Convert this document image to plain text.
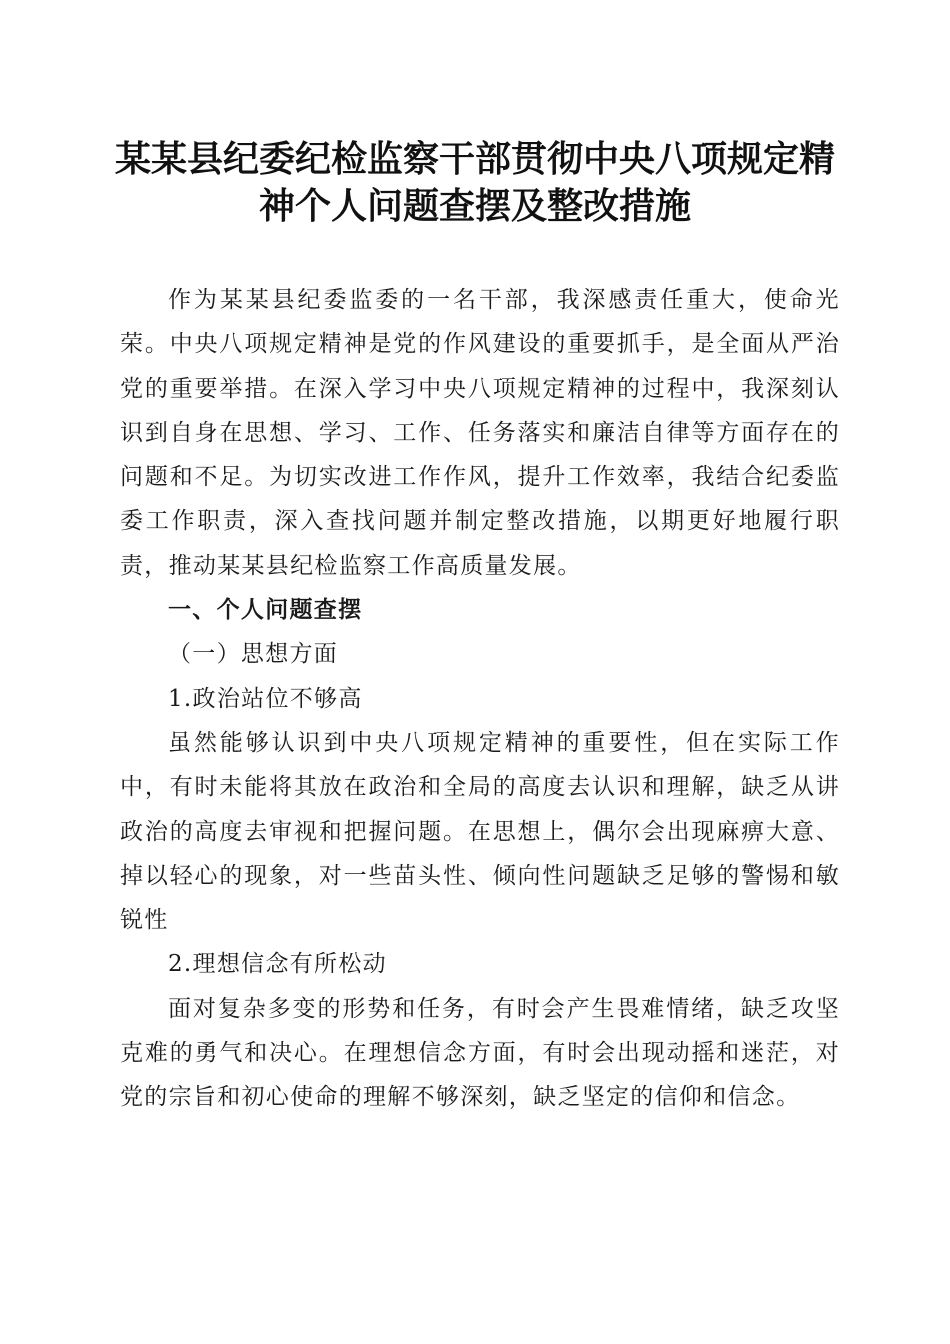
某某县纪委纪检监察干部贯彻中央八项规定精
神个人问题查摆及整改措施

作为某某县纪委监委的一名干部，我深感责任重大，使命光荣。中央八项规定精神是党的作风建设的重要抓手，是全面从严治党的重要举措。在深入学习中央八项规定精神的过程中，我深刻认识到自身在思想、学习、工作、任务落实和廉洁自律等方面存在的问题和不足。为切实改进工作作风，提升工作效率，我结合纪委监委工作职责，深入查找问题并制定整改措施，以期更好地履行职责，推动某某县纪检监察工作高质量发展。

一、个人问题查摆

（一）思想方面

1.政治站位不够高

虽然能够认识到中央八项规定精神的重要性，但在实际工作中，有时未能将其放在政治和全局的高度去认识和理解，缺乏从讲政治的高度去审视和把握问题。在思想上，偶尔会出现麻痹大意、掉以轻心的现象，对一些苗头性、倾向性问题缺乏足够的警惕和敏锐性

2.理想信念有所松动

面对复杂多变的形势和任务，有时会产生畏难情绪，缺乏攻坚克难的勇气和决心。在理想信念方面，有时会出现动摇和迷茫，对党的宗旨和初心使命的理解不够深刻，缺乏坚定的信仰和信念。
